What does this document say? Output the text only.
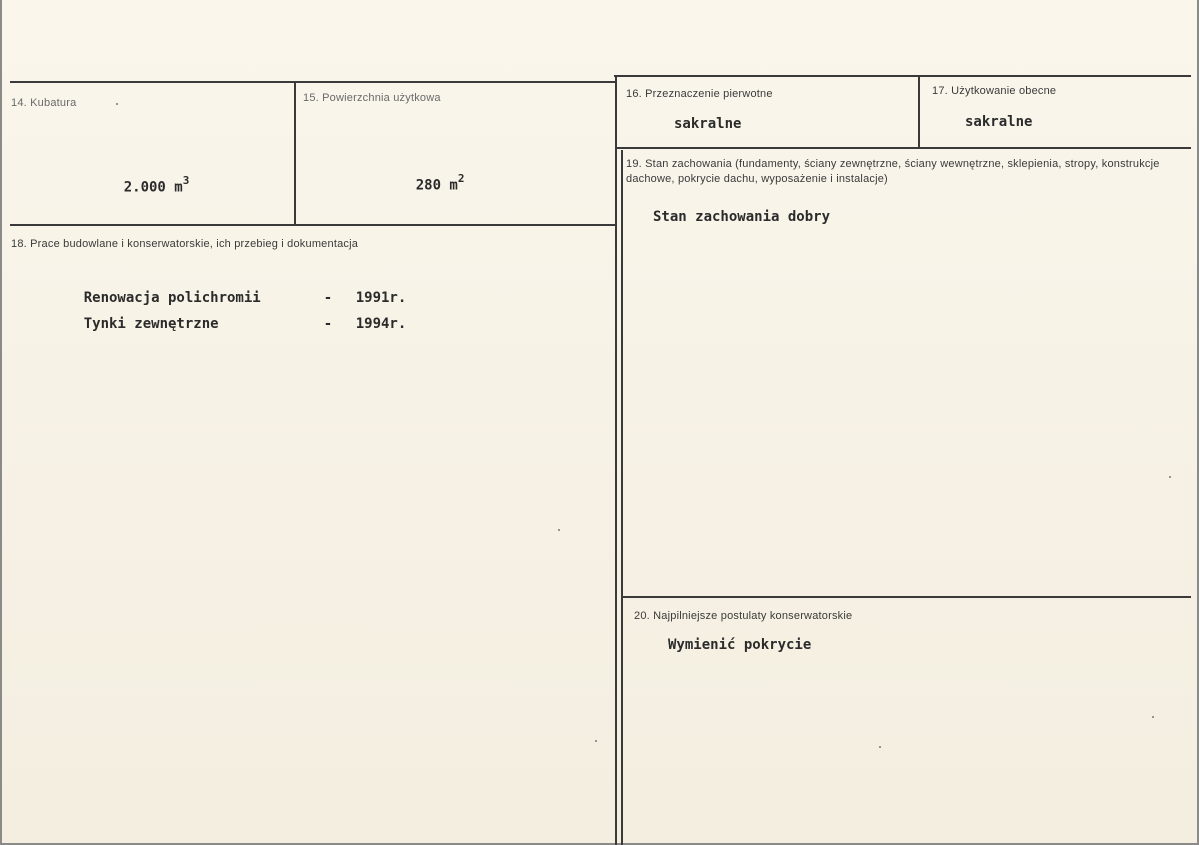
14. Kubatura

2.000 $m^3$

15. Powierzchnia użytkowa

280 $m^2$

16. Przeznaczenie pierwotne
sakralne
17. Użytkowanie obecne
sakralne
18. Prace budowlane i konserwatorskie, ich przebieg i dokumentacja

Renowacja polichromii	- 1991r.

Tynki zewnętrzne	- 1994r.

19. Stan zachowania (fundamenty, ściany zewnętrzne, ściany wewnętrzne, sklepienia, stropy, konstrukcje dachowe, pokrycie dachu, wyposażenie i instalacje)
Stan zachowania dobry
20. Najpilniejsze postulaty konserwatorskie
Wymienić pokrycie
